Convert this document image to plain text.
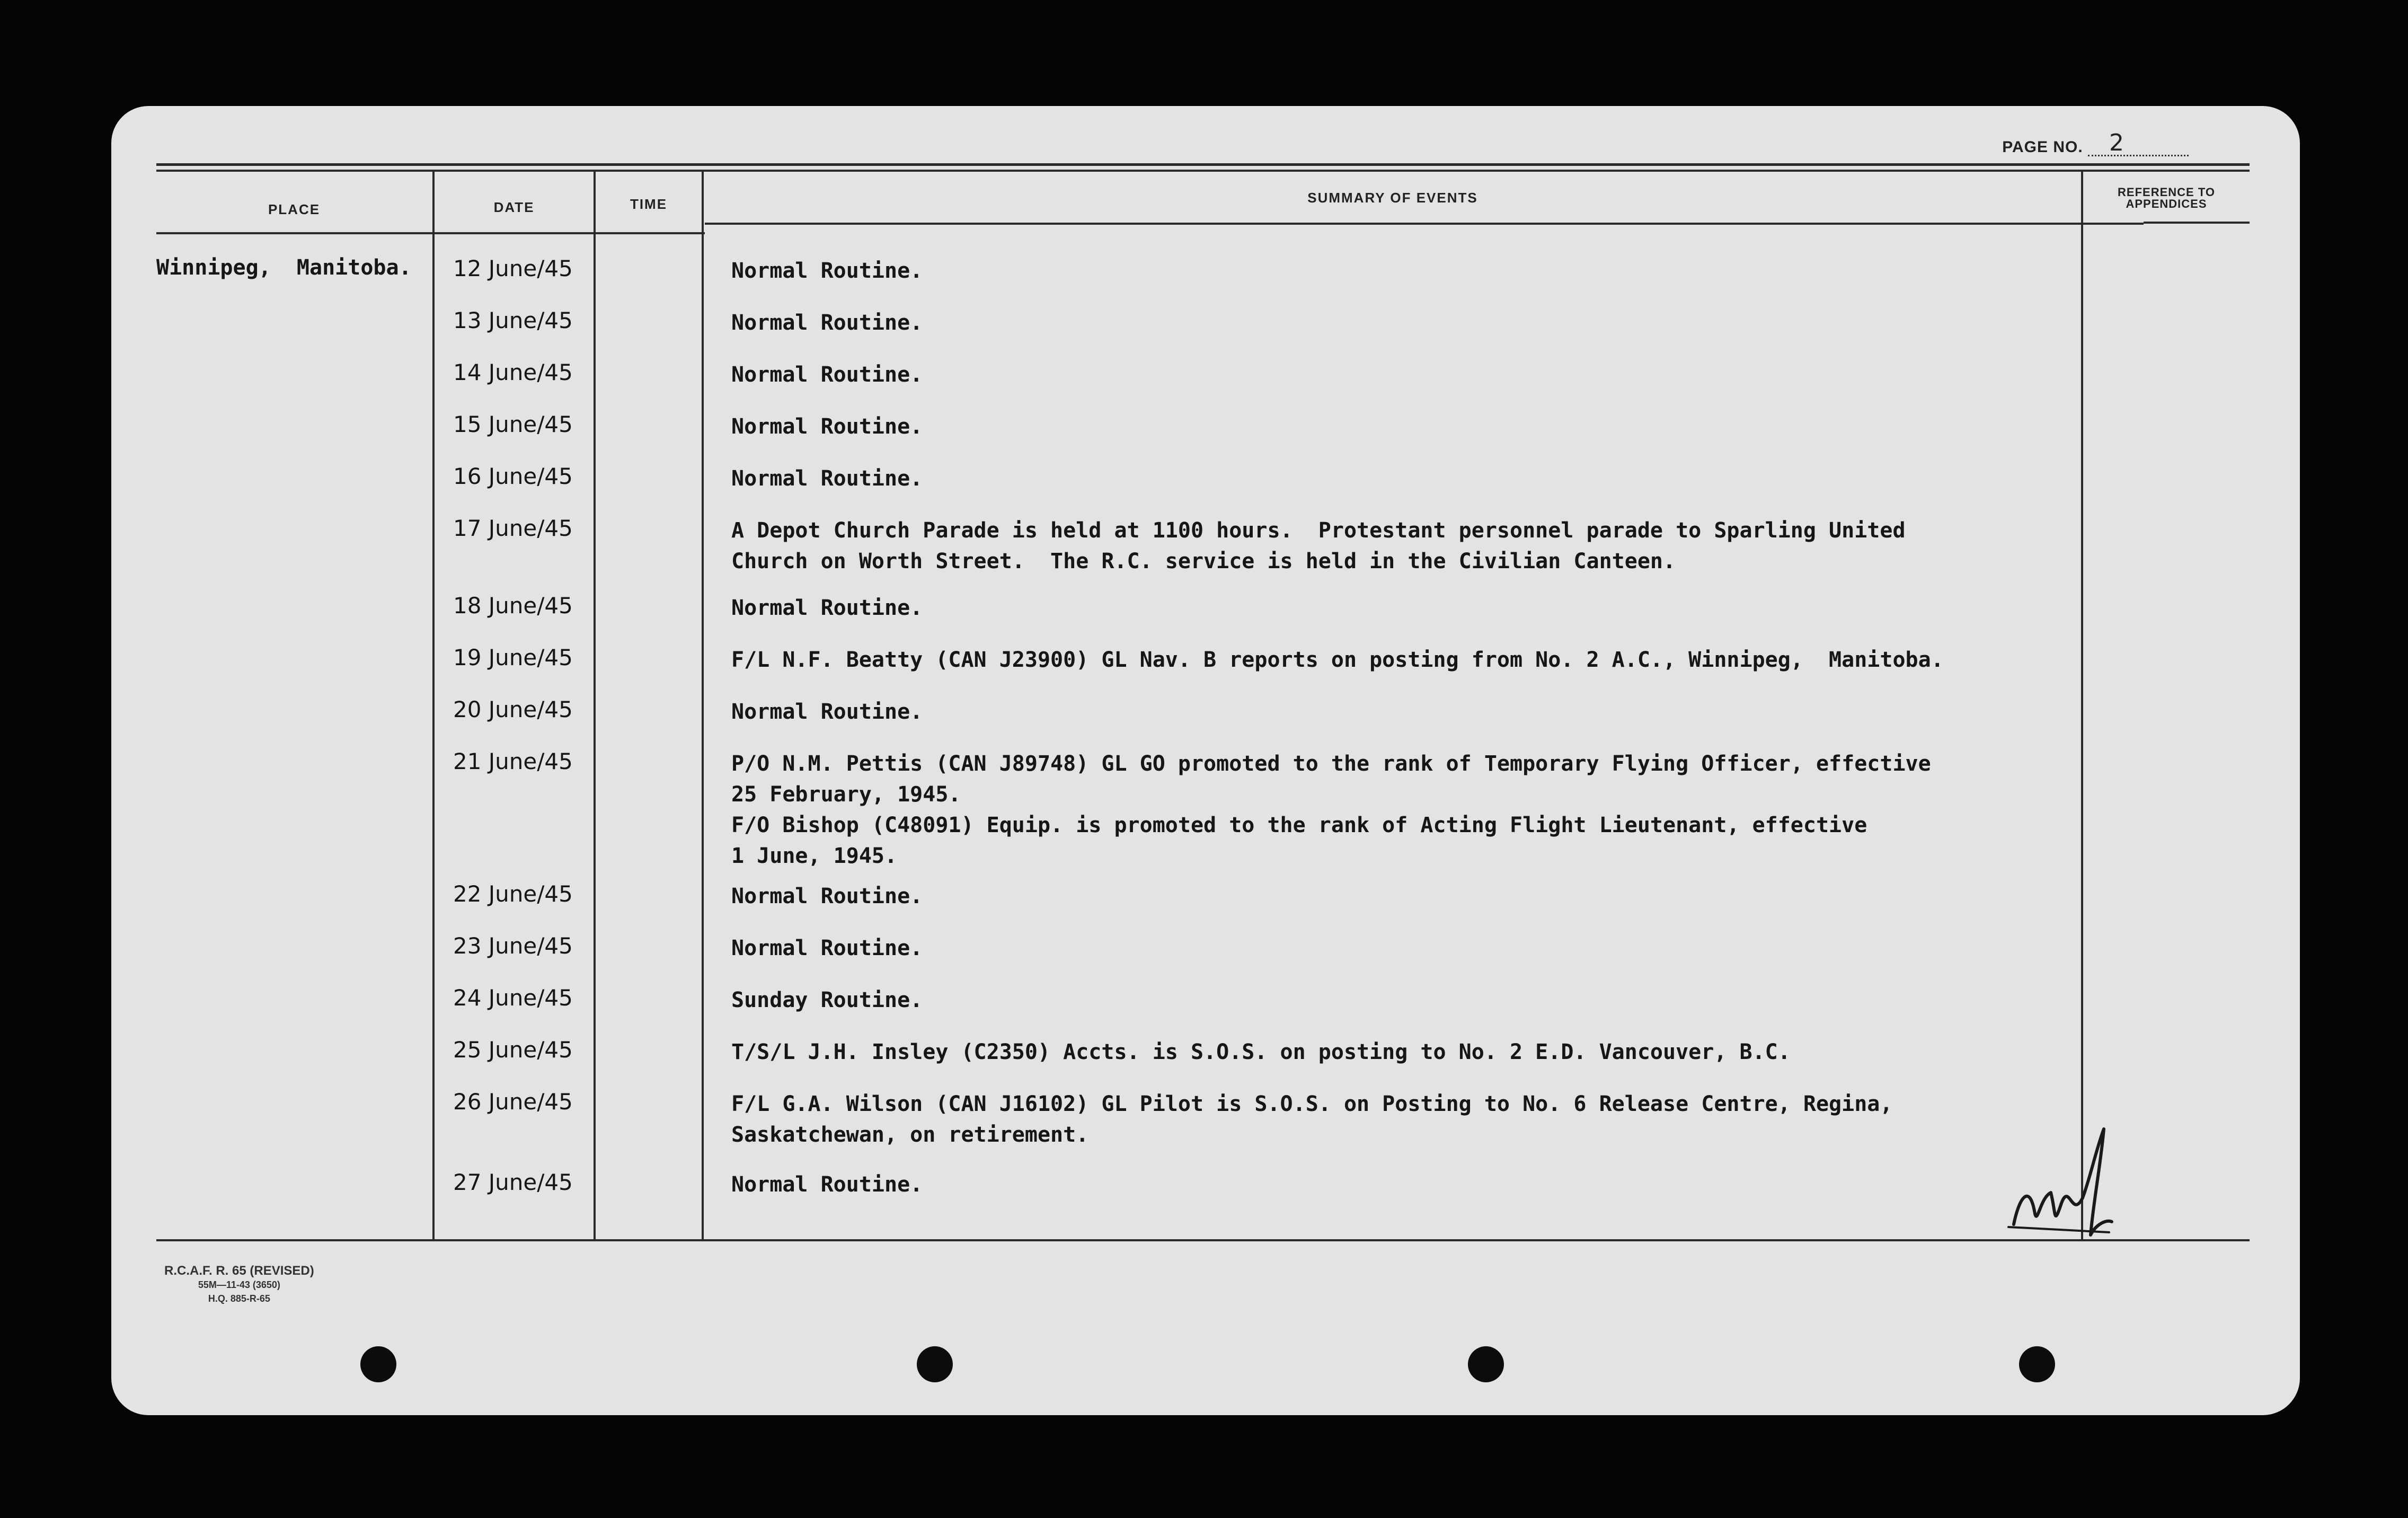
PAGE NO. 2
PLACE	DATE	TIME	SUMMARY OF EVENTS	REFERENCE TO
APPENDICES
Winnipeg,  Manitoba. 12 June/45	Normal Routine.
13 June/45	Normal Routine.
14 June/45	Normal Routine.
15 June/45	Normal Routine.
16 June/45	Normal Routine.
17 June/45	A Depot Church Parade is held at 1100 hours.  Protestant personnel parade to Sparling United
Church on Worth Street.  The R.C. service is held in the Civilian Canteen.
18 June/45	Normal Routine.
19 June/45	F/L N.F. Beatty (CAN J23900) GL Nav. B reports on posting from No. 2 A.C., Winnipeg,  Manitoba.
20 June/45	Normal Routine.
21 June/45	P/O N.M. Pettis (CAN J89748) GL GO promoted to the rank of Temporary Flying Officer, effective
25 February, 1945.
F/O Bishop (C48091) Equip. is promoted to the rank of Acting Flight Lieutenant, effective
1 June, 1945.
22 June/45	Normal Routine.
23 June/45	Normal Routine.
24 June/45	Sunday Routine.
25 June/45	T/S/L J.H. Insley (C2350) Accts. is S.O.S. on posting to No. 2 E.D. Vancouver, B.C.
26 June/45	F/L G.A. Wilson (CAN J16102) GL Pilot is S.O.S. on Posting to No. 6 Release Centre, Regina,
Saskatchewan, on retirement.
27 June/45	Normal Routine.
R.C.A.F. R. 65 (REVISED)
55M—11-43 (3650)
H.Q. 885-R-65
